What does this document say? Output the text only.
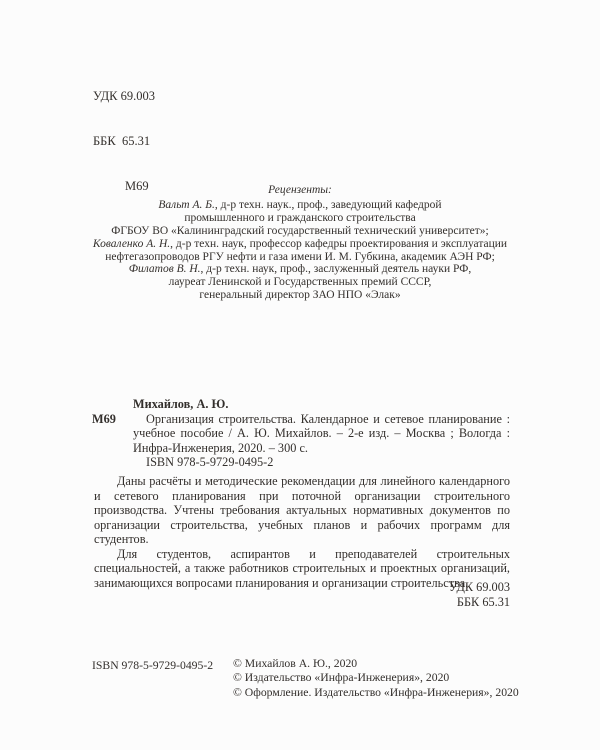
УДК 69.003

ББК  65.31

М69

	Рецензенты:
Вальт А. Б., д-р техн. наук., проф., заведующий кафедрой
промышленного и гражданского строительства
ФГБОУ ВО «Калининградский государственный технический университет»;
Коваленко А. Н., д-р техн. наук, профессор кафедры проектирования и эксплуатации
нефтегазопроводов РГУ нефти и газа имени И. М. Губкина, академик АЭН РФ;
Филатов В. Н., д-р техн. наук, проф., заслуженный деятель науки РФ,
лауреат Ленинской и Государственных премий СССР,
генеральный директор ЗАО НПО «Элак»
Михайлов, А. Ю.
М69	Организация строительства. Календарное и сетевое планирование : учебное пособие / А. Ю. Михайлов. – 2-е изд. – Москва ; Вологда : Инфра-Инженерия, 2020. – 300 с.

ISBN 978-5-9729-0495-2

Даны расчёты и методические рекомендации для линейного календарного и сетевого планирования при поточной организации строительного производства. Учтены требования актуальных нормативных документов по организации строительства, учебных планов и рабочих программ для студентов.

Для студентов, аспирантов и преподавателей строительных специальностей, а также работников строительных и проектных организаций, занимающихся вопросами планирования и организации строительства.

УДК 69.003
ББК 65.31
ISBN 978-5-9729-0495-2 © Михайлов А. Ю., 2020
© Издательство «Инфра-Инженерия», 2020
© Оформление. Издательство «Инфра-Инженерия», 2020
